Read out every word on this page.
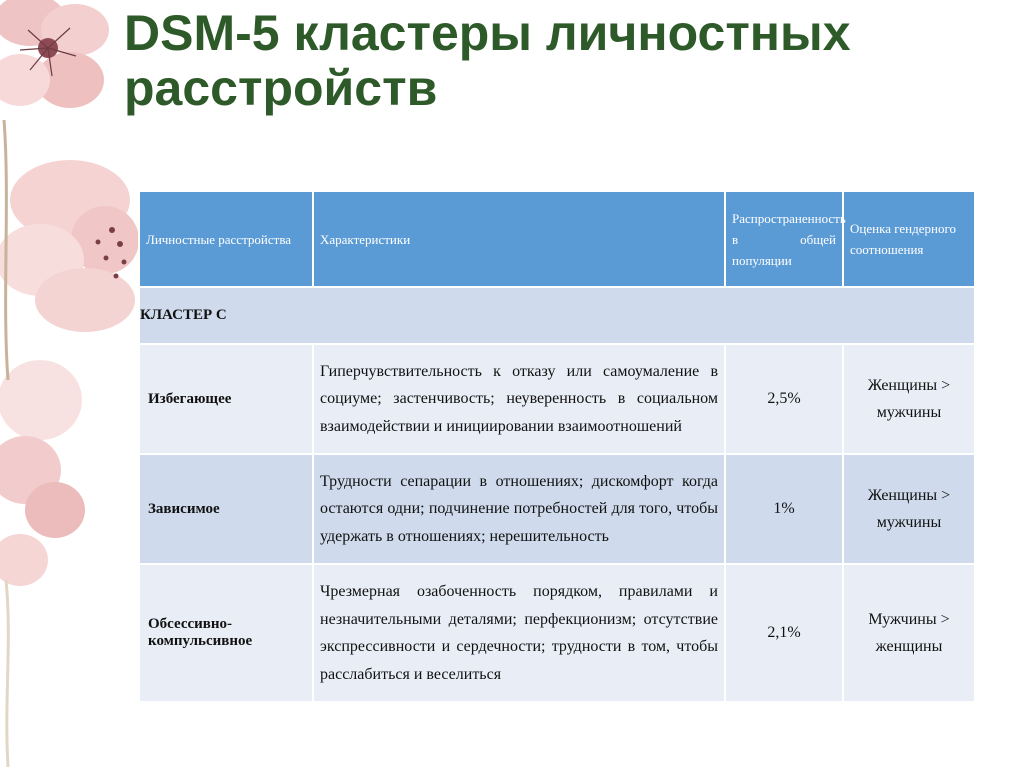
DSM-5 кластеры личностных расстройств
Личностные расстройства	Характеристики	Распространенность в общей популяции	Оценка гендерного соотношения

КЛАСТЕР С			
Избегающее	Гиперчувствительность к отказу или самоумаление в социуме; застенчивость; неуверенность в социальном взаимодействии и инициировании взаимоотношений	2,5%	Женщины > мужчины
Зависимое	Трудности сепарации в отношениях; дискомфорт когда остаются одни; подчинение потребностей для того, чтобы удержать в отношениях; нерешительность	1%	Женщины > мужчины
Обсессивно-компульсивное	Чрезмерная озабоченность порядком, правилами и незначительными деталями; перфекционизм; отсутствие экспрессивности и сердечности; трудности в том, чтобы расслабиться и веселиться	2,1%	Мужчины > женщины
